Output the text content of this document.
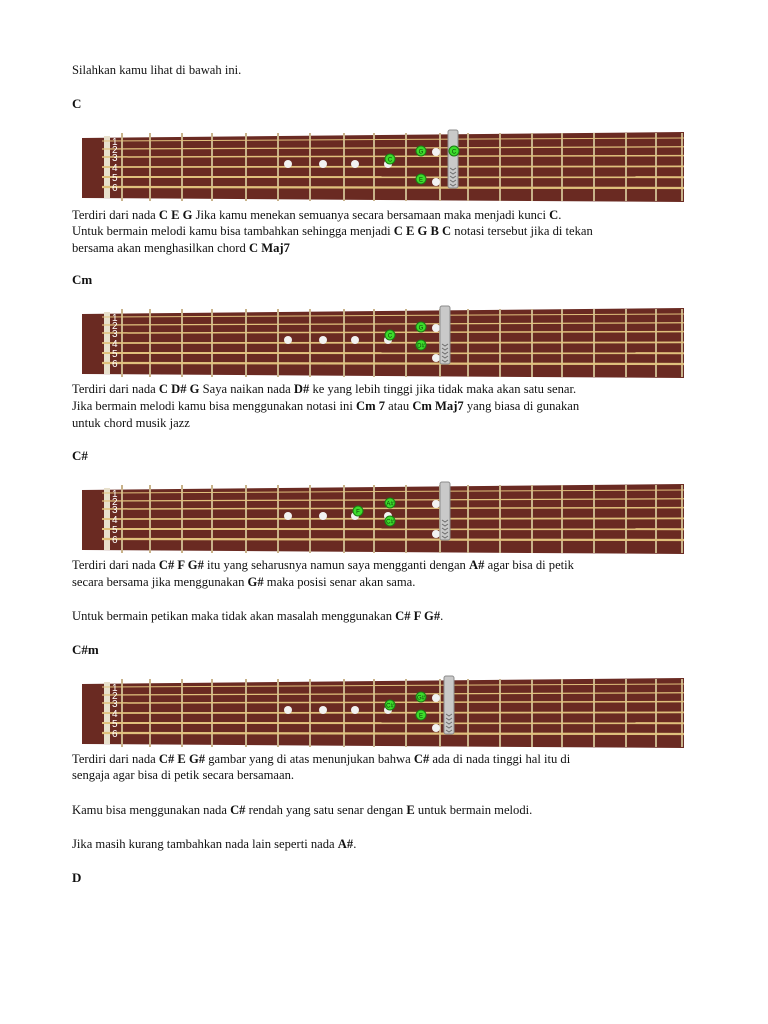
Silahkan kamu lihat di bawah ini.
C
1
2
3
4
5
6
G	C
C
E
Terdiri dari nada C E G Jika kamu menekan semuanya secara bersamaan maka menjadi kunci C.
Untuk bermain melodi kamu bisa tambahkan sehingga menjadi C E G B C notasi tersebut jika di tekan
bersama akan menghasilkan chord C Maj7
Cm
1
2
3
4
5
6
G
C
D#
Terdiri dari nada C D# G Saya naikan nada D# ke yang lebih tinggi jika tidak maka akan satu senar.
Jika bermain melodi kamu bisa menggunakan notasi ini Cm 7 atau Cm Maj7 yang biasa di gunakan
untuk chord musik jazz
C#
1
2
3
4
5
6
A#
F
C#
Terdiri dari nada C# F G# itu yang seharusnya namun saya mengganti dengan A# agar bisa di petik
secara bersama jika menggunakan G# maka posisi senar akan sama.
Untuk bermain petikan maka tidak akan masalah menggunakan C# F G#.
C#m
1
2
3
4
5
6
G#
C#
E
Terdiri dari nada C# E G# gambar yang di atas menunjukan bahwa C# ada di nada tinggi hal itu di
sengaja agar bisa di petik secara bersamaan.
Kamu bisa menggunakan nada C# rendah yang satu senar dengan E untuk bermain melodi.
Jika masih kurang tambahkan nada lain seperti nada A#.
D
